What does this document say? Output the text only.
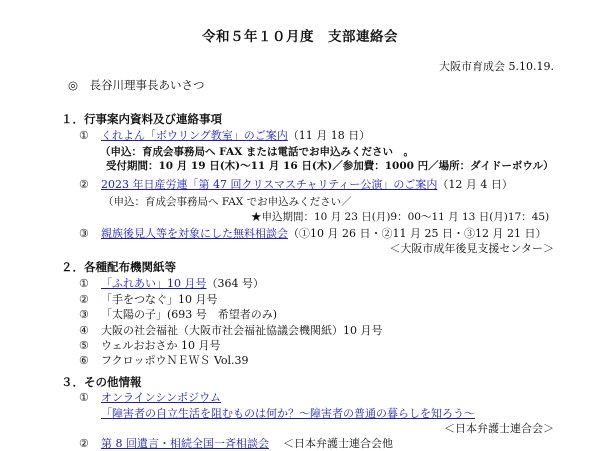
令和５年１０月度　支部連絡会
大阪市育成会 5.10.19.
◎　長谷川理事長あいさつ
１．行事案内資料及び連絡事項
① くれよん「ボウリング教室」のご案内（11 月 18 日）
（申込：育成会事務局へ FAX または電話でお申込みください　。
受付期間：10 月 19 日(木)〜11 月 16 日(木)／参加費：1000 円／場所：ダイドーボウル）
② 2023 年日産労連「第 47 回クリスマスチャリティー公演」のご案内（12 月 4 日）
（申込：育成会事務局へ FAX でお申込みください／
★申込期間：10 月 23 日(月)9：00〜11 月 13 日(月)17：45)
③ 親族後見人等を対象にした無料相談会（①10 月 26 日・②11 月 25 日・③12 月 21 日）
＜大阪市成年後見支援センター＞
２．各種配布機関紙等
① 「ふれあい」10 月号（364 号）
② 「手をつなぐ」10 月号
③ 「太陽の子」(693 号　希望者のみ)
④ 大阪の社会福祉（大阪市社会福祉協議会機関紙）10 月号
⑤ ウェルおおさか 10 月号
⑥ フクロッポウＮＥＷＳ Vol.39
３．その他情報
① オンラインシンポジウム
「障害者の自立生活を阻むものは何か？〜障害者の普通の暮らしを知ろう〜
＜日本弁護士連合会＞
② 第 8 回遺言・相続全国一斉相談会 ＜日本弁護士連合会他
